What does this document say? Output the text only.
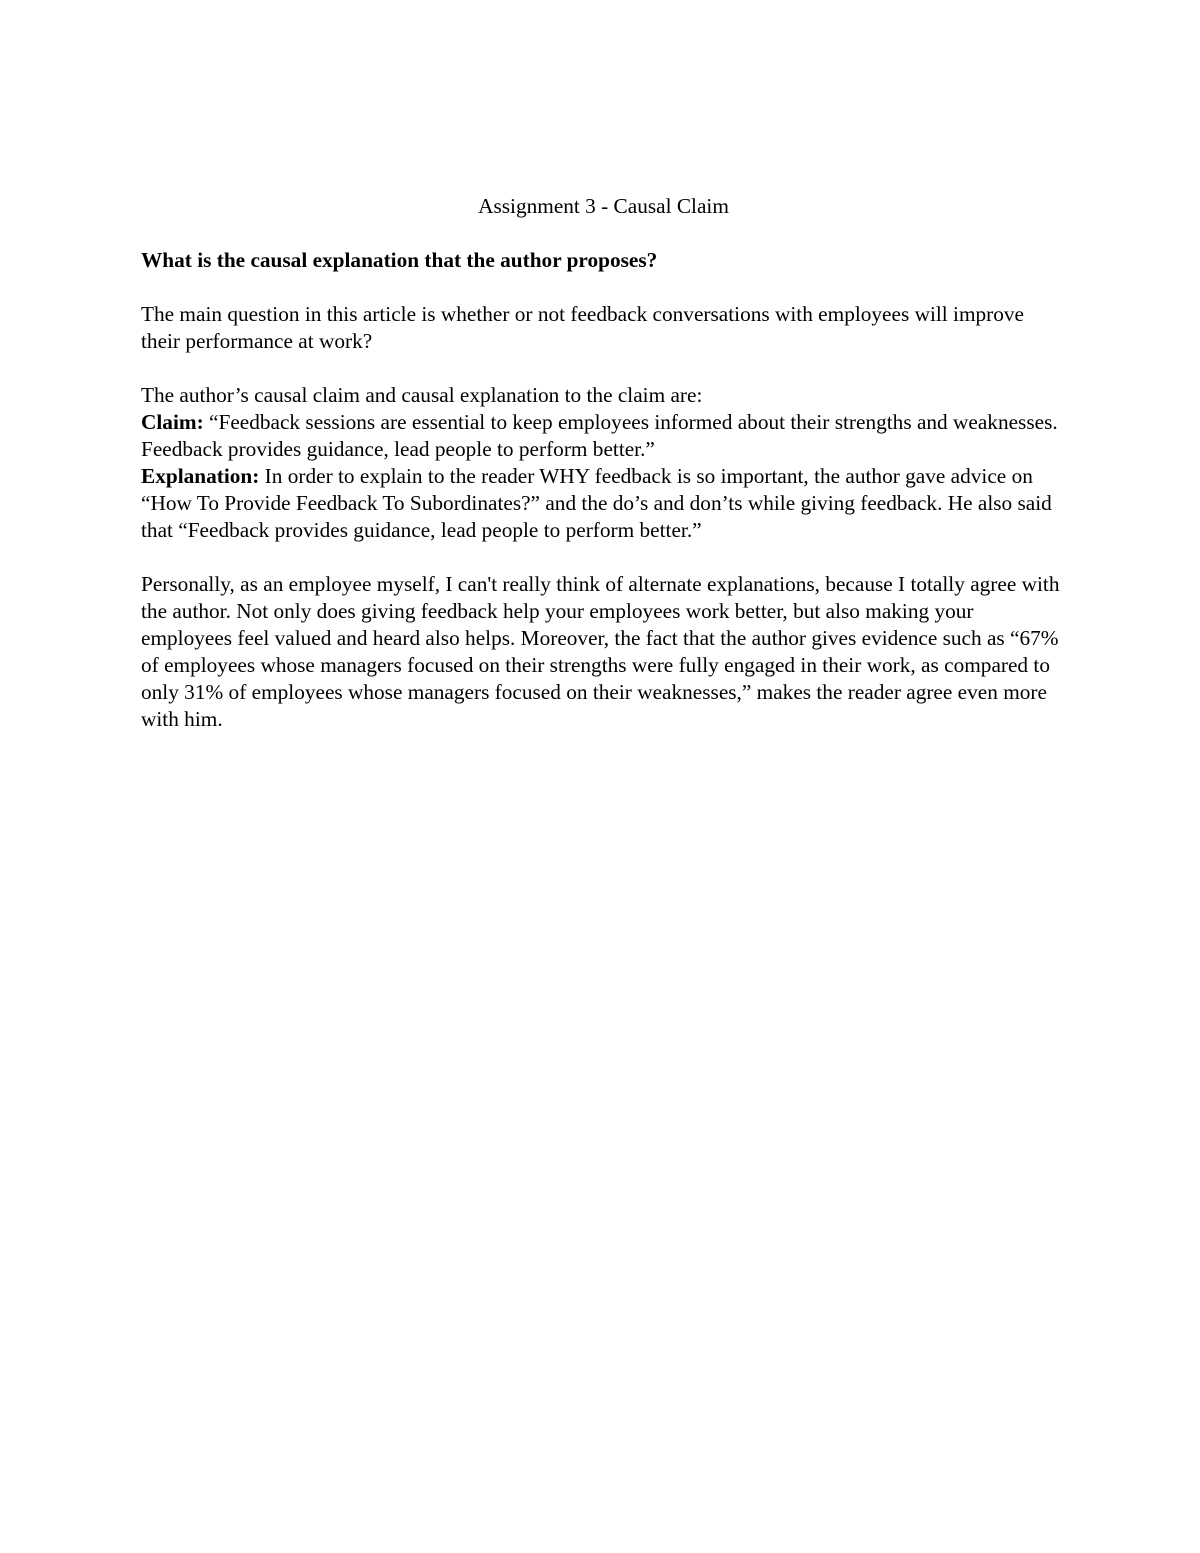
Assignment 3 - Causal Claim
What is the causal explanation that the author proposes?

The main question in this article is whether or not feedback conversations with employees will improve their performance at work?

The author’s causal claim and causal explanation to the claim are:

Claim: “Feedback sessions are essential to keep employees informed about their strengths and weaknesses. Feedback provides guidance, lead people to perform better.”

Explanation: In order to explain to the reader WHY feedback is so important, the author gave advice on “How To Provide Feedback To Subordinates?” and the do’s and don’ts while giving feedback. He also said that “Feedback provides guidance, lead people to perform better.”

Personally, as an employee myself, I can't really think of alternate explanations, because I totally agree with the author. Not only does giving feedback help your employees work better, but also making your employees feel valued and heard also helps. Moreover, the fact that the author gives evidence such as “67% of employees whose managers focused on their strengths were fully engaged in their work, as compared to only 31% of employees whose managers focused on their weaknesses,” makes the reader agree even more with him.
